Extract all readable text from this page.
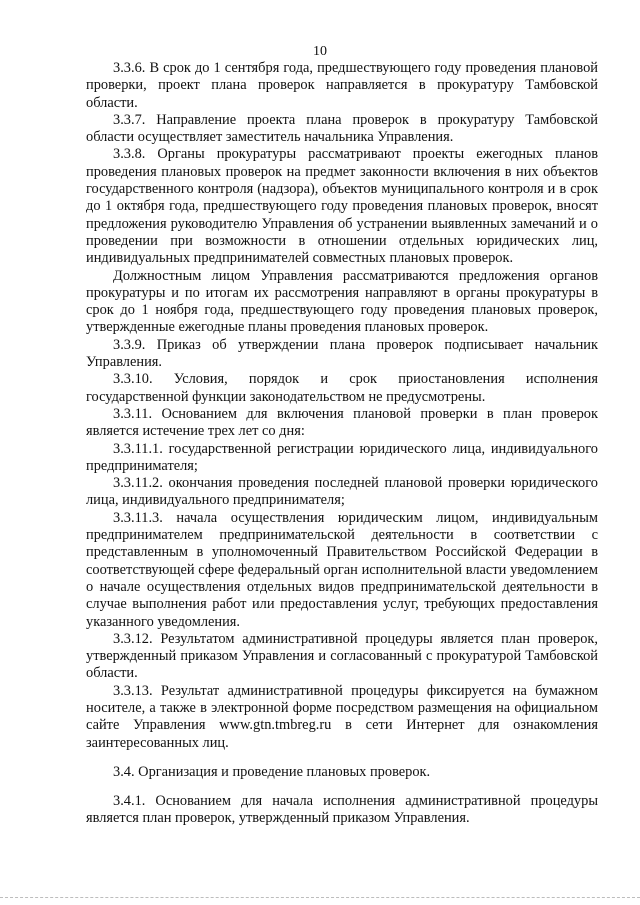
10

3.3.6. В срок до 1 сентября года, предшествующего году проведения плановой проверки, проект плана проверок направляется в прокуратуру Тамбовской области.

3.3.7. Направление проекта плана проверок в прокуратуру Тамбовской области осуществляет заместитель начальника Управления.

3.3.8. Органы прокуратуры рассматривают проекты ежегодных планов проведения плановых проверок на предмет законности включения в них объектов государственного контроля (надзора), объектов муниципального контроля и в срок до 1 октября года, предшествующего году проведения плановых проверок, вносят предложения руководителю Управления об устранении выявленных замечаний и о проведении при возможности в отношении отдельных юридических лиц, индивидуальных предпринимателей совместных плановых проверок.

Должностным лицом Управления рассматриваются предложения органов прокуратуры и по итогам их рассмотрения направляют в органы прокуратуры в срок до 1 ноября года, предшествующего году проведения плановых проверок, утвержденные ежегодные планы проведения плановых проверок.

3.3.9. Приказ об утверждении плана проверок подписывает начальник Управления.

3.3.10. Условия, порядок и срок приостановления исполнения государственной функции законодательством не предусмотрены.

3.3.11. Основанием для включения плановой проверки в план проверок является истечение трех лет со дня:

3.3.11.1. государственной регистрации юридического лица, индивидуального предпринимателя;

3.3.11.2. окончания проведения последней плановой проверки юридического лица, индивидуального предпринимателя;

3.3.11.3. начала осуществления юридическим лицом, индивидуальным предпринимателем предпринимательской деятельности в соответствии с представленным в уполномоченный Правительством Российской Федерации в соответствующей сфере федеральный орган исполнительной власти уведомлением о начале осуществления отдельных видов предпринимательской деятельности в случае выполнения работ или предоставления услуг, требующих предоставления указанного уведомления.

3.3.12. Результатом административной процедуры является план проверок, утвержденный приказом Управления и согласованный с прокуратурой Тамбовской области.

3.3.13. Результат административной процедуры фиксируется на бумажном носителе, а также в электронной форме посредством размещения на официальном сайте Управления www.gtn.tmbreg.ru в сети Интернет для ознакомления заинтересованных лиц.

3.4. Организация и проведение плановых проверок.

3.4.1. Основанием для начала исполнения административной процедуры является план проверок, утвержденный приказом Управления.
